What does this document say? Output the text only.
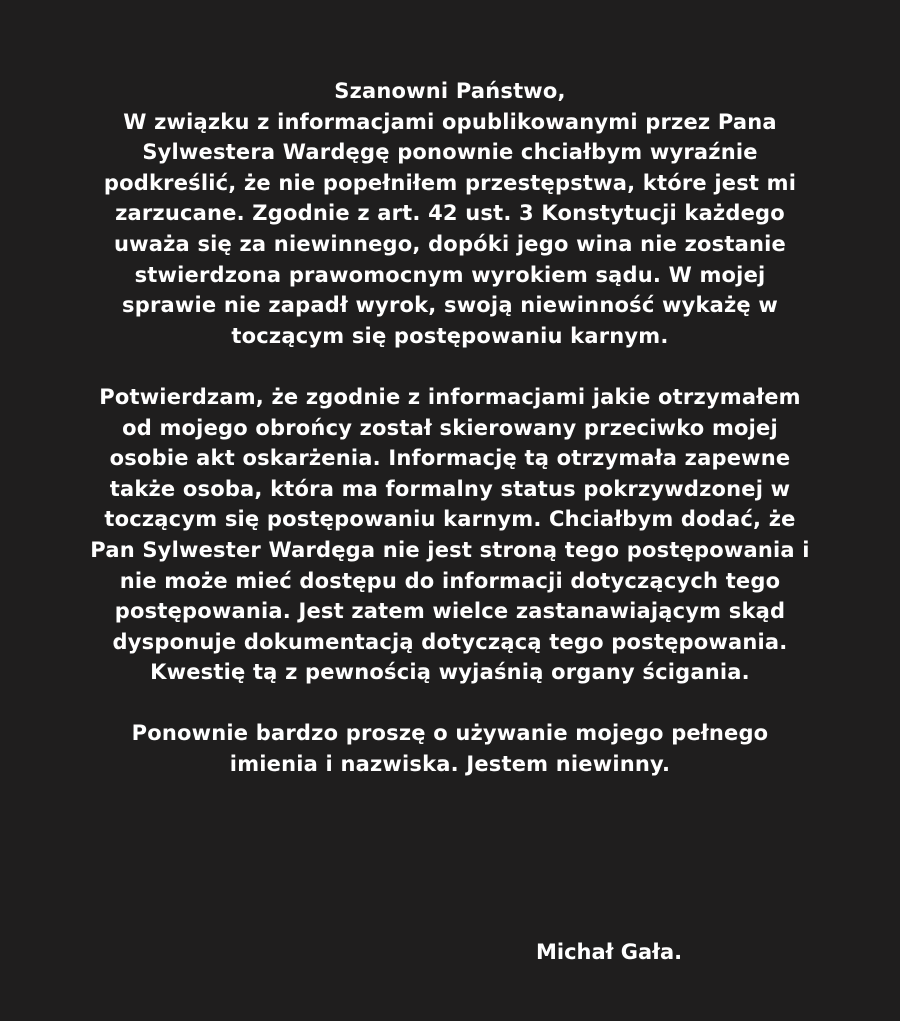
Szanowni Państwo,
W związku z informacjami opublikowanymi przez Pana
Sylwestera Wardęgę ponownie chciałbym wyraźnie
podkreślić, że nie popełniłem przestępstwa, które jest mi
zarzucane. Zgodnie z art. 42 ust. 3 Konstytucji każdego
uważa się za niewinnego, dopóki jego wina nie zostanie
stwierdzona prawomocnym wyrokiem sądu. W mojej
sprawie nie zapadł wyrok, swoją niewinność wykażę w
toczącym się postępowaniu karnym.
Potwierdzam, że zgodnie z informacjami jakie otrzymałem
od mojego obrońcy został skierowany przeciwko mojej
osobie akt oskarżenia. Informację tą otrzymała zapewne
także osoba, która ma formalny status pokrzywdzonej w
toczącym się postępowaniu karnym. Chciałbym dodać, że
Pan Sylwester Wardęga nie jest stroną tego postępowania i
nie może mieć dostępu do informacji dotyczących tego
postępowania. Jest zatem wielce zastanawiającym skąd
dysponuje dokumentacją dotyczącą tego postępowania.
Kwestię tą z pewnością wyjaśnią organy ścigania.
Ponownie bardzo proszę o używanie mojego pełnego
imienia i nazwiska. Jestem niewinny.
Michał Gała.
